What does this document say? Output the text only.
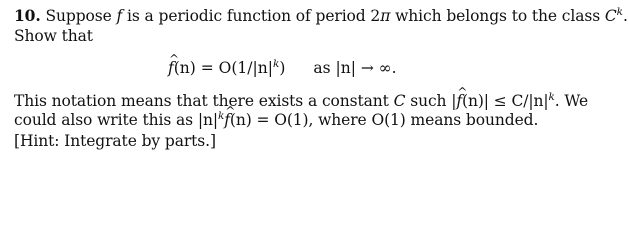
10. Suppose f is a periodic function of period 2π which belongs to the class $C^k$.
Show that
^ $f(n) = O(1/|n|^k)$ as |n| → ∞.
This notation means that there exists a constant C such |^ $f(n)| \le C/|n|^k$. We
could also write this as $|n|^k\^{}$ f(n) = O(1), where O(1) means bounded.
[Hint: Integrate by parts.]
